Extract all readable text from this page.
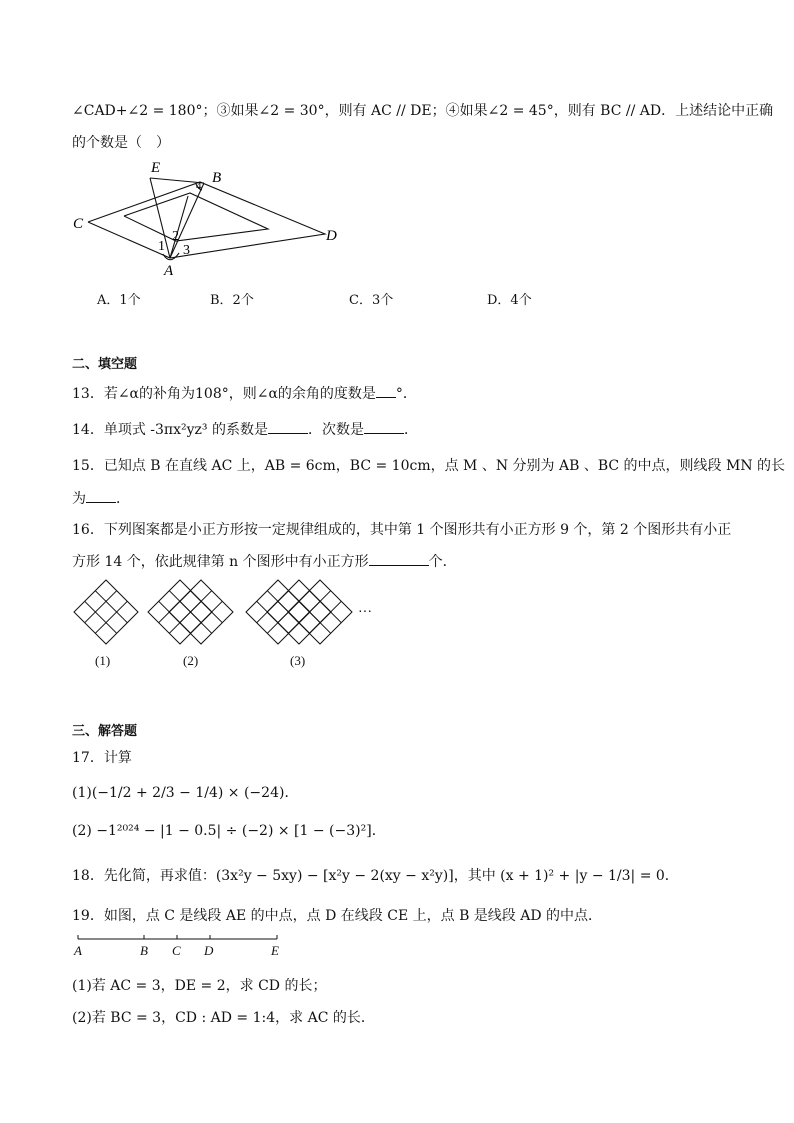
∠CAD+∠2 = 180°；③如果∠2 = 30°，则有 AC // DE；④如果∠2 = 45°，则有 BC // AD．上述结论中正确
的个数是（　）
E
B
C
D
A
1
2
3
4
A．1个	B．2个	C．3个	D．4个
二、填空题
13．若∠α的补角为108°，则∠α的余角的度数是 °．
14．单项式 -3πx²yz³ 的系数是	．次数是	．
15．已知点 B 在直线 AC 上，AB = 6cm，BC = 10cm，点 M 、N 分别为 AB 、BC 的中点，则线段 MN 的长
为 ．
16．下列图案都是小正方形按一定规律组成的，其中第 1 个图形共有小正方形 9 个，第 2 个图形共有小正
方形 14 个，依此规律第 n 个图形中有小正方形	个．
···
(1)	(2)	(3)
三、解答题
17．计算
(1)(−1/2 + 2/3 − 1/4) × (−24)．
(2) −1²⁰²⁴ − |1 − 0.5| ÷ (−2) × [1 − (−3)²]．
18．先化简，再求值：(3x²y − 5xy) − [x²y − 2(xy − x²y)]，其中 (x + 1)² + |y − 1/3| = 0．
19．如图，点 C 是线段 AE 的中点，点 D 在线段 CE 上，点 B 是线段 AD 的中点．
A	B C D	E
(1)若 AC = 3，DE = 2，求 CD 的长；
(2)若 BC = 3，CD : AD = 1:4，求 AC 的长．
